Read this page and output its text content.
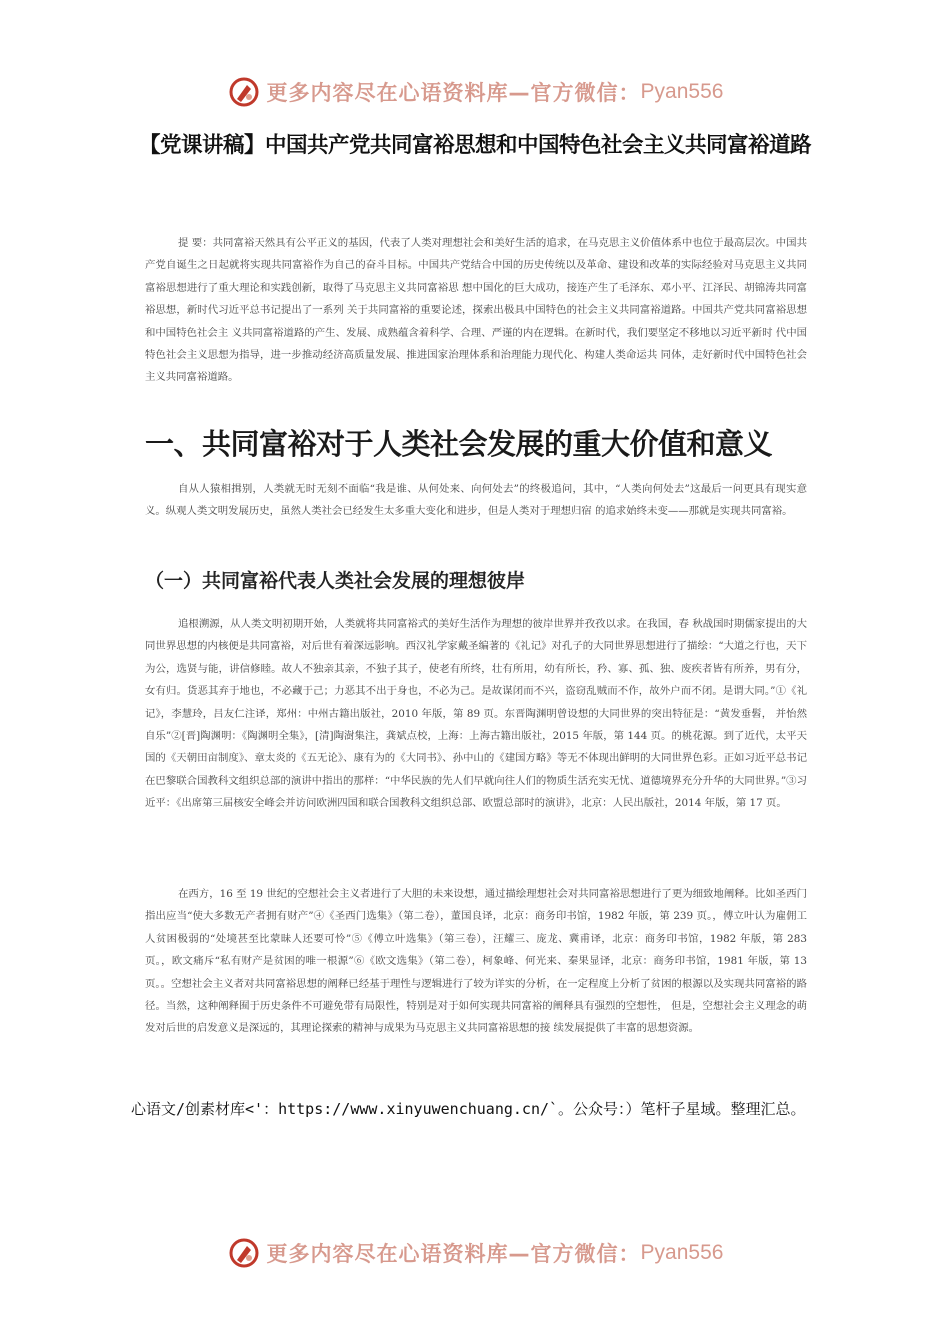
更多内容尽在心语资料库—官方微信： Pyan556
【党课讲稿】中国共产党共同富裕思想和中国特色社会主义共同富裕道路

提 要：共同富裕天然具有公平正义的基因，代表了人类对理想社会和美好生活的追求，在马克思主义价值体系中也位于最高层次。中国共产党自诞生之日起就将实现共同富裕作为自己的奋斗目标。中国共产党结合中国的历史传统以及革命、建设和改革的实际经验对马克思主义共同富裕思想进行了重大理论和实践创新，取得了马克思主义共同富裕思 想中国化的巨大成功，接连产生了毛泽东、邓小平、江泽民、胡锦涛共同富裕思想，新时代习近平总书记提出了一系列 关于共同富裕的重要论述，探索出极具中国特色的社会主义共同富裕道路。中国共产党共同富裕思想和中国特色社会主 义共同富裕道路的产生、发展、成熟蕴含着科学、合理、严谨的内在逻辑。在新时代，我们要坚定不移地以习近平新时 代中国特色社会主义思想为指导，进一步推动经济高质量发展、推进国家治理体系和治理能力现代化、构建人类命运共 同体，走好新时代中国特色社会主义共同富裕道路。

一、共同富裕对于人类社会发展的重大价值和意义

自从人猿相揖别，人类就无时无刻不面临“我是谁、从何处来、向何处去”的终极追问，其中，“人类向何处去”这最后一问更具有现实意义。纵观人类文明发展历史，虽然人类社会已经发生太多重大变化和进步，但是人类对于理想归宿 的追求始终未变——那就是实现共同富裕。

（一）共同富裕代表人类社会发展的理想彼岸

追根溯源，从人类文明初期开始，人类就将共同富裕式的美好生活作为理想的彼岸世界并孜孜以求。在我国，春 秋战国时期儒家提出的大同世界思想的内核便是共同富裕，对后世有着深远影响。西汉礼学家戴圣编著的《礼记》对孔子的大同世界思想进行了描绘：“大道之行也，天下为公，选贤与能，讲信修睦。故人不独亲其亲，不独子其子，使老有所终，壮有所用，幼有所长，矜、寡、孤、独、废疾者皆有所养，男有分，女有归。货恶其弃于地也，不必藏于己；力恶其不出于身也，不必为己。是故谋闭而不兴，盗窃乱贼而不作，故外户而不闭。是谓大同。”①《礼记》，李慧玲，吕友仁注译，郑州：中州古籍出版社，2010 年版，第 89 页。东晋陶渊明曾设想的大同世界的突出特征是：“黄发垂髫， 并怡然自乐”②[晋]陶渊明：《陶渊明全集》，[清]陶澍集注，龚斌点校，上海：上海古籍出版社，2015 年版，第 144 页。的桃花源。到了近代，太平天国的《天朝田亩制度》、章太炎的《五无论》、康有为的《大同书》、孙中山的《建国方略》等无不体现出鲜明的大同世界色彩。正如习近平总书记在巴黎联合国教科文组织总部的演讲中指出的那样：“中华民族的先人们早就向往人们的物质生活充实无忧、道德境界充分升华的大同世界。”③习近平：《出席第三届核安全峰会并访问欧洲四国和联合国教科文组织总部、欧盟总部时的演讲》，北京：人民出版社，2014 年版，第 17 页。

在西方，16 至 19 世纪的空想社会主义者进行了大胆的未来设想，通过描绘理想社会对共同富裕思想进行了更为细致地阐释。比如圣西门指出应当“使大多数无产者拥有财产”④《圣西门选集》（第二卷），董国良译，北京：商务印书馆，1982 年版，第 239 页。，傅立叶认为雇佣工人贫困极弱的“处境甚至比蒙昧人还要可怜”⑤《傅立叶选集》（第三卷），汪耀三、庞龙、冀甫译，北京：商务印书馆，1982 年版，第 283 页。，欧文痛斥“私有财产是贫困的唯一根源”⑥《欧文选集》（第二卷），柯象峰、何光来、秦果显译，北京：商务印书馆，1981 年版，第 13 页。。空想社会主义者对共同富裕思想的阐释已经基于理性与逻辑进行了较为详实的分析，在一定程度上分析了贫困的根源以及实现共同富裕的路径。当然，这种阐释囿于历史条件不可避免带有局限性，特别是对于如何实现共同富裕的阐释具有强烈的空想性， 但是，空想社会主义理念的萌发对后世的启发意义是深远的，其理论探索的精神与成果为马克思主义共同富裕思想的接 续发展提供了丰富的思想资源。

心语文/创素材库<'：https://www.xinyuwenchuang.cn/`。公众号：）笔杆子星域。整理汇总。

更多内容尽在心语资料库—官方微信： Pyan556
